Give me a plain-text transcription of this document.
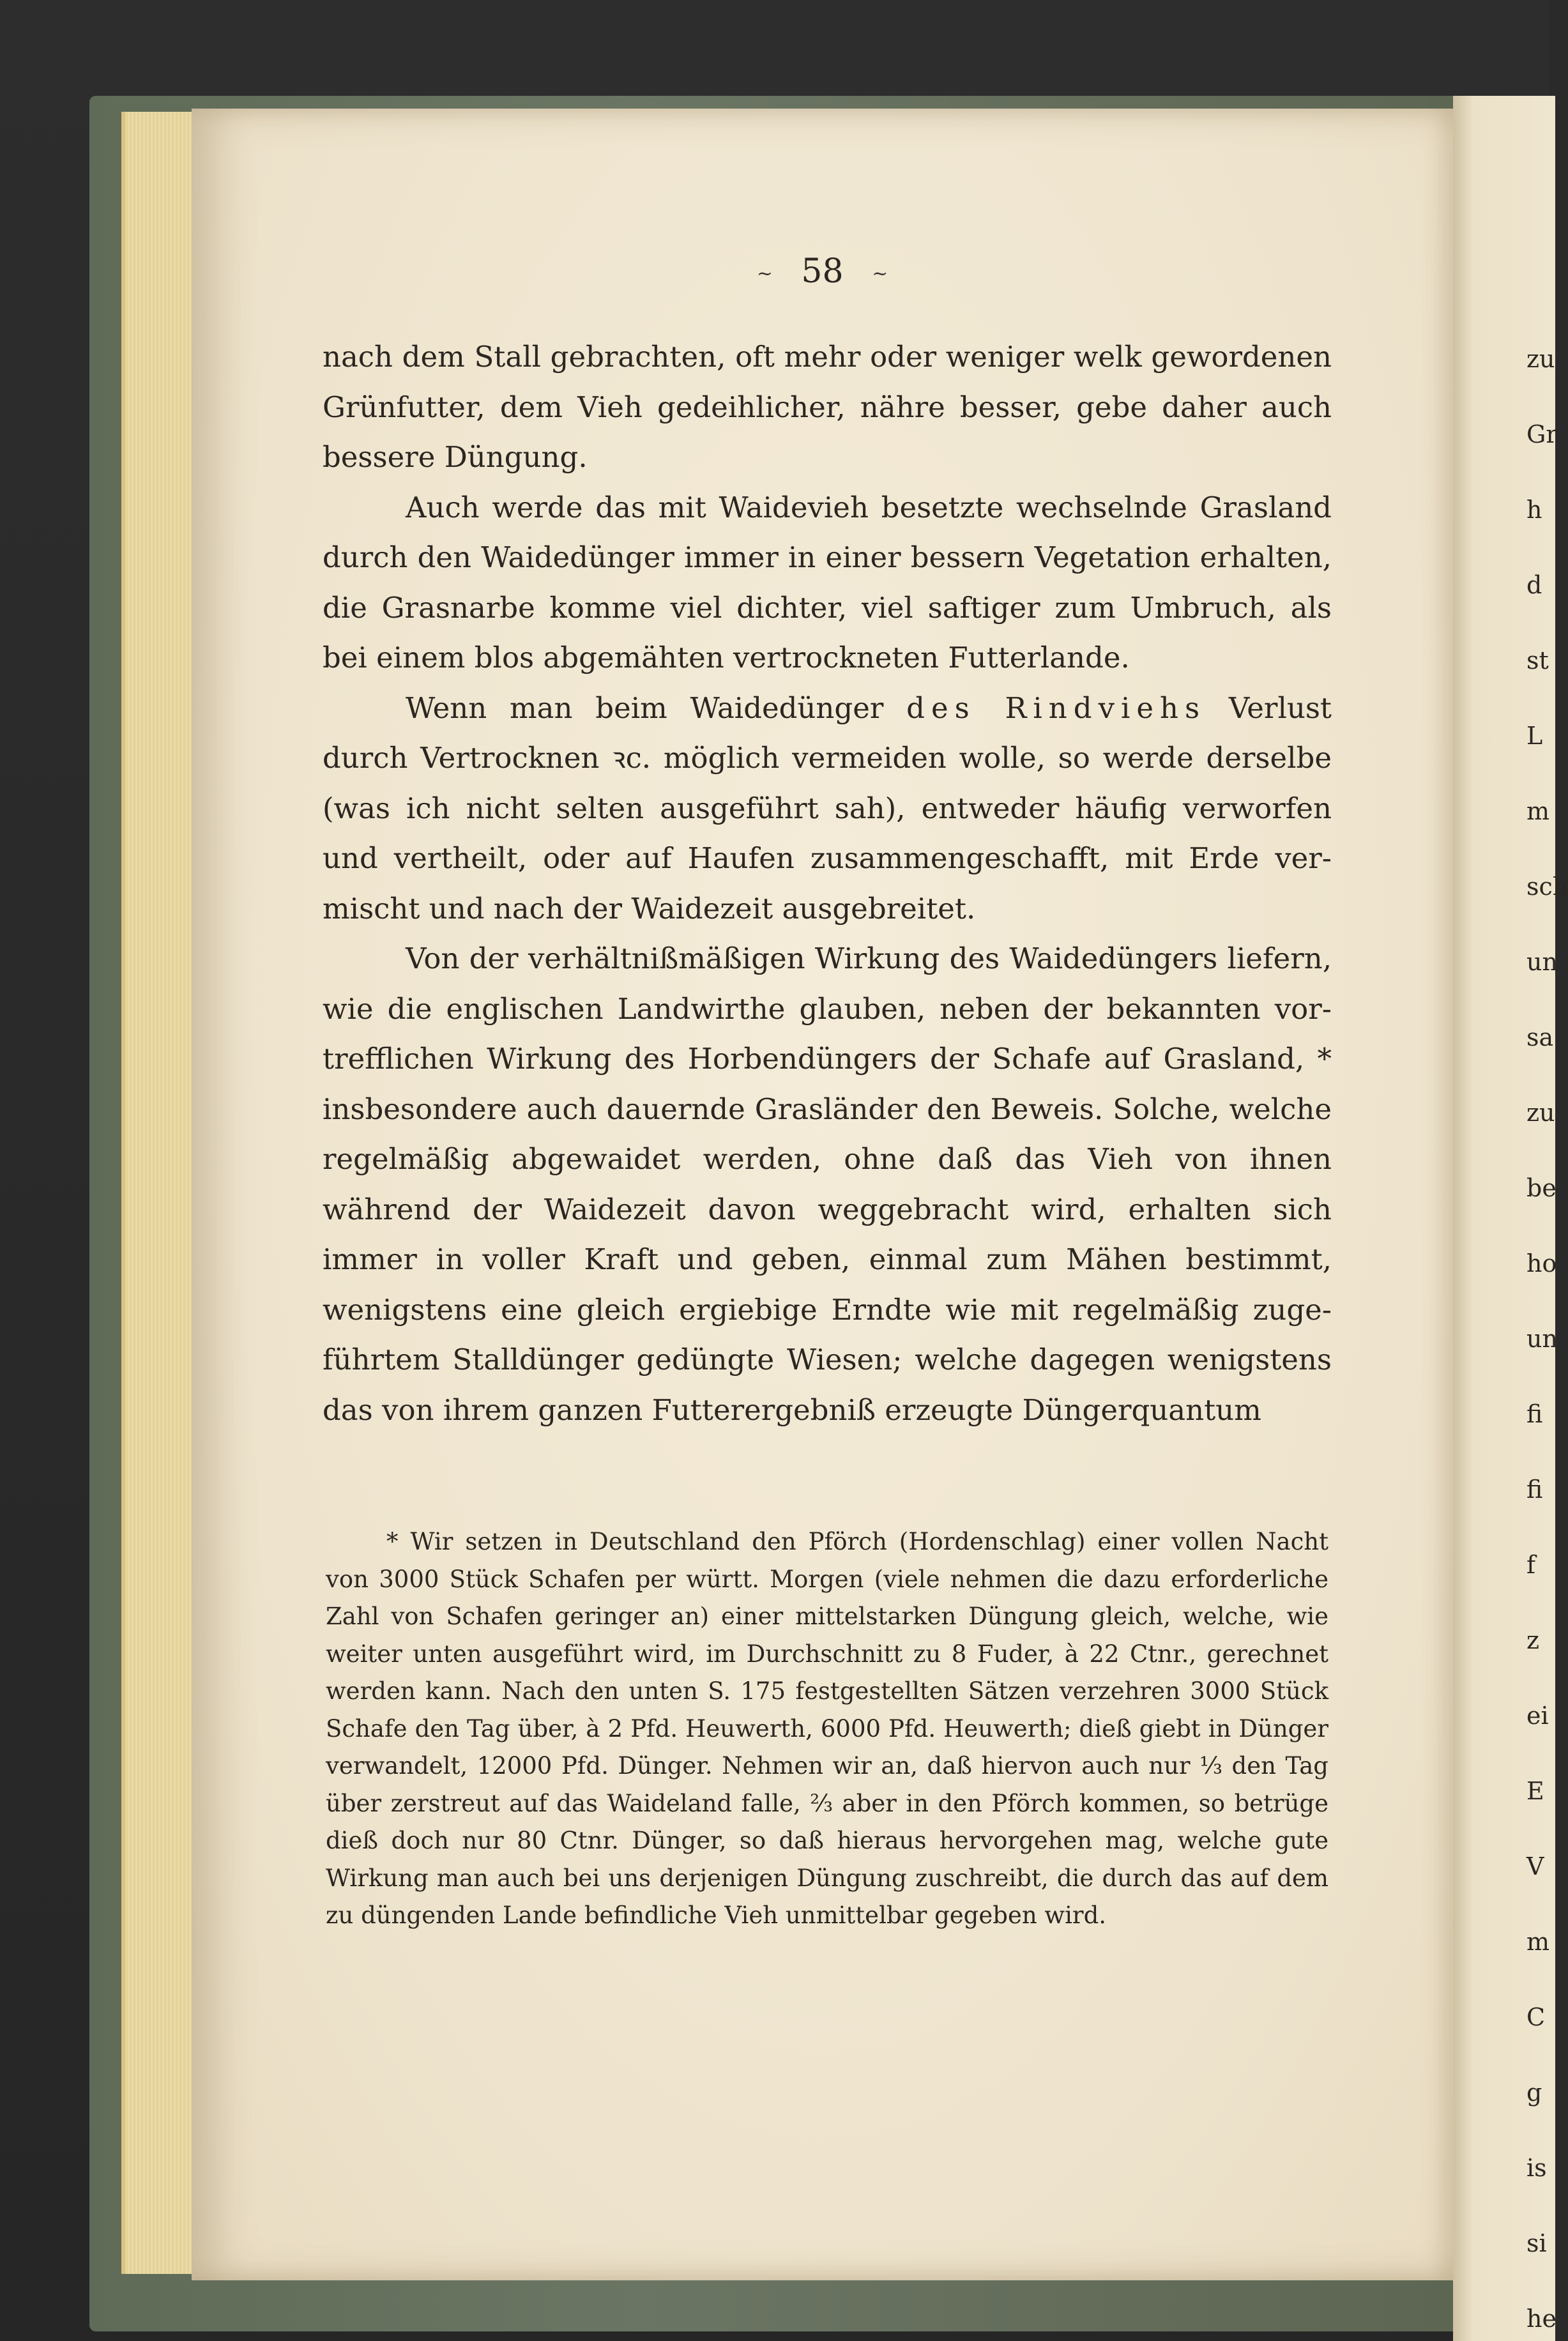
zu
Gr
h
d
st
L
m
sch
un
sa
zu
be
ho
un
fi
fi
f
z
ei
E
V
m
C
g
is
si
he
~ 58 ~

nach dem Stall gebrachten, oft mehr oder weniger welk gewordenen Grünfutter, dem Vieh gedeihlicher, nähre besser, gebe daher auch bessere Düngung.

Auch werde das mit Waidevieh besetzte wechselnde Grasland durch den Waidedünger immer in einer bessern Vegetation erhalten, die Grasnarbe komme viel dichter, viel saftiger zum Umbruch, als bei einem blos abgemähten vertrockneten Futterlande.

Wenn man beim Waidedünger des Rindviehs Verlust durch Vertrocknen ꝛc. möglich vermeiden wolle, so werde derselbe (was ich nicht selten ausgeführt sah), entweder häufig verworfen und vertheilt, oder auf Haufen zusammengeschafft, mit Erde vermischt und nach der Waidezeit ausgebreitet.

Von der verhältnißmäßigen Wirkung des Waidedüngers liefern, wie die englischen Landwirthe glauben, neben der bekannten vortrefflichen Wirkung des Horbendüngers der Schafe auf Grasland, * insbesondere auch dauernde Grasländer den Beweis. Solche, welche regelmäßig abgewaidet werden, ohne daß das Vieh von ihnen während der Waidezeit davon weggebracht wird, erhalten sich immer in voller Kraft und geben, einmal zum Mähen bestimmt, wenigstens eine gleich ergiebige Erndte wie mit regelmäßig zugeführtem Stalldünger gedüngte Wiesen; welche dagegen wenigstens das von ihrem ganzen Futterergebniß erzeugte Düngerquantum

* Wir setzen in Deutschland den Pförch (Hordenschlag) einer vollen Nacht von 3000 Stück Schafen per württ. Morgen (viele nehmen die dazu erforderliche Zahl von Schafen geringer an) einer mittelstarken Düngung gleich, welche, wie weiter unten ausgeführt wird, im Durchschnitt zu 8 Fuder, à 22 Ctnr., gerechnet werden kann. Nach den unten S. 175 festgestellten Sätzen verzehren 3000 Stück Schafe den Tag über, à 2 Pfd. Heuwerth, 6000 Pfd. Heuwerth; dieß giebt in Dünger verwandelt, 12000 Pfd. Dünger. Nehmen wir an, daß hiervon auch nur ⅓ den Tag über zerstreut auf das Waideland falle, ⅔ aber in den Pförch kommen, so betrüge dieß doch nur 80 Ctnr. Dünger, so daß hieraus hervorgehen mag, welche gute Wirkung man auch bei uns derjenigen Düngung zuschreibt, die durch das auf dem zu düngenden Lande befindliche Vieh unmittelbar gegeben wird.
